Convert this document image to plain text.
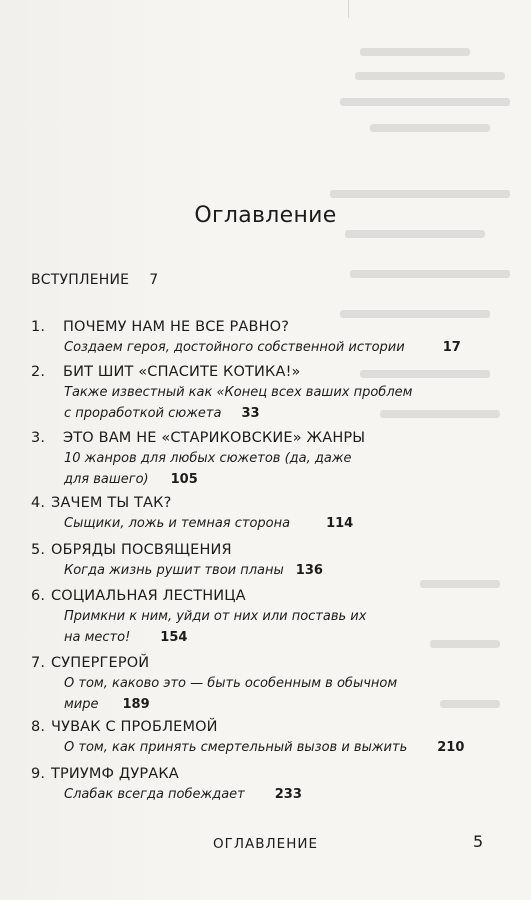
Оглавление
ВСТУПЛЕНИЕ 7
1. ПОЧЕМУ НАМ НЕ ВСЕ РАВНО?
Создаем героя, достойного собственной истории	17
2. БИТ ШИТ «СПАСИТЕ КОТИКА!»
Также известный как «Конец всех ваших проблем
с проработкой сюжета 33
3. ЭТО ВАМ НЕ «СТАРИКОВСКИЕ» ЖАНРЫ
10 жанров для любых сюжетов (да, даже
для вашего) 105
4. ЗАЧЕМ ТЫ ТАК?
Сыщики, ложь и темная сторона	114
5. ОБРЯДЫ ПОСВЯЩЕНИЯ
Когда жизнь рушит твои планы 136
6. СОЦИАЛЬНАЯ ЛЕСТНИЦА
Примкни к ним, уйди от них или поставь их
на место! 154
7. СУПЕРГЕРОЙ
О том, каково это — быть особенным в обычном
мире 189
8. ЧУВАК С ПРОБЛЕМОЙ
О том, как принять смертельный вызов и выжить 210
9. ТРИУМФ ДУРАКА
Слабак всегда побеждает 233
ОГЛАВЛЕНИЕ	5
